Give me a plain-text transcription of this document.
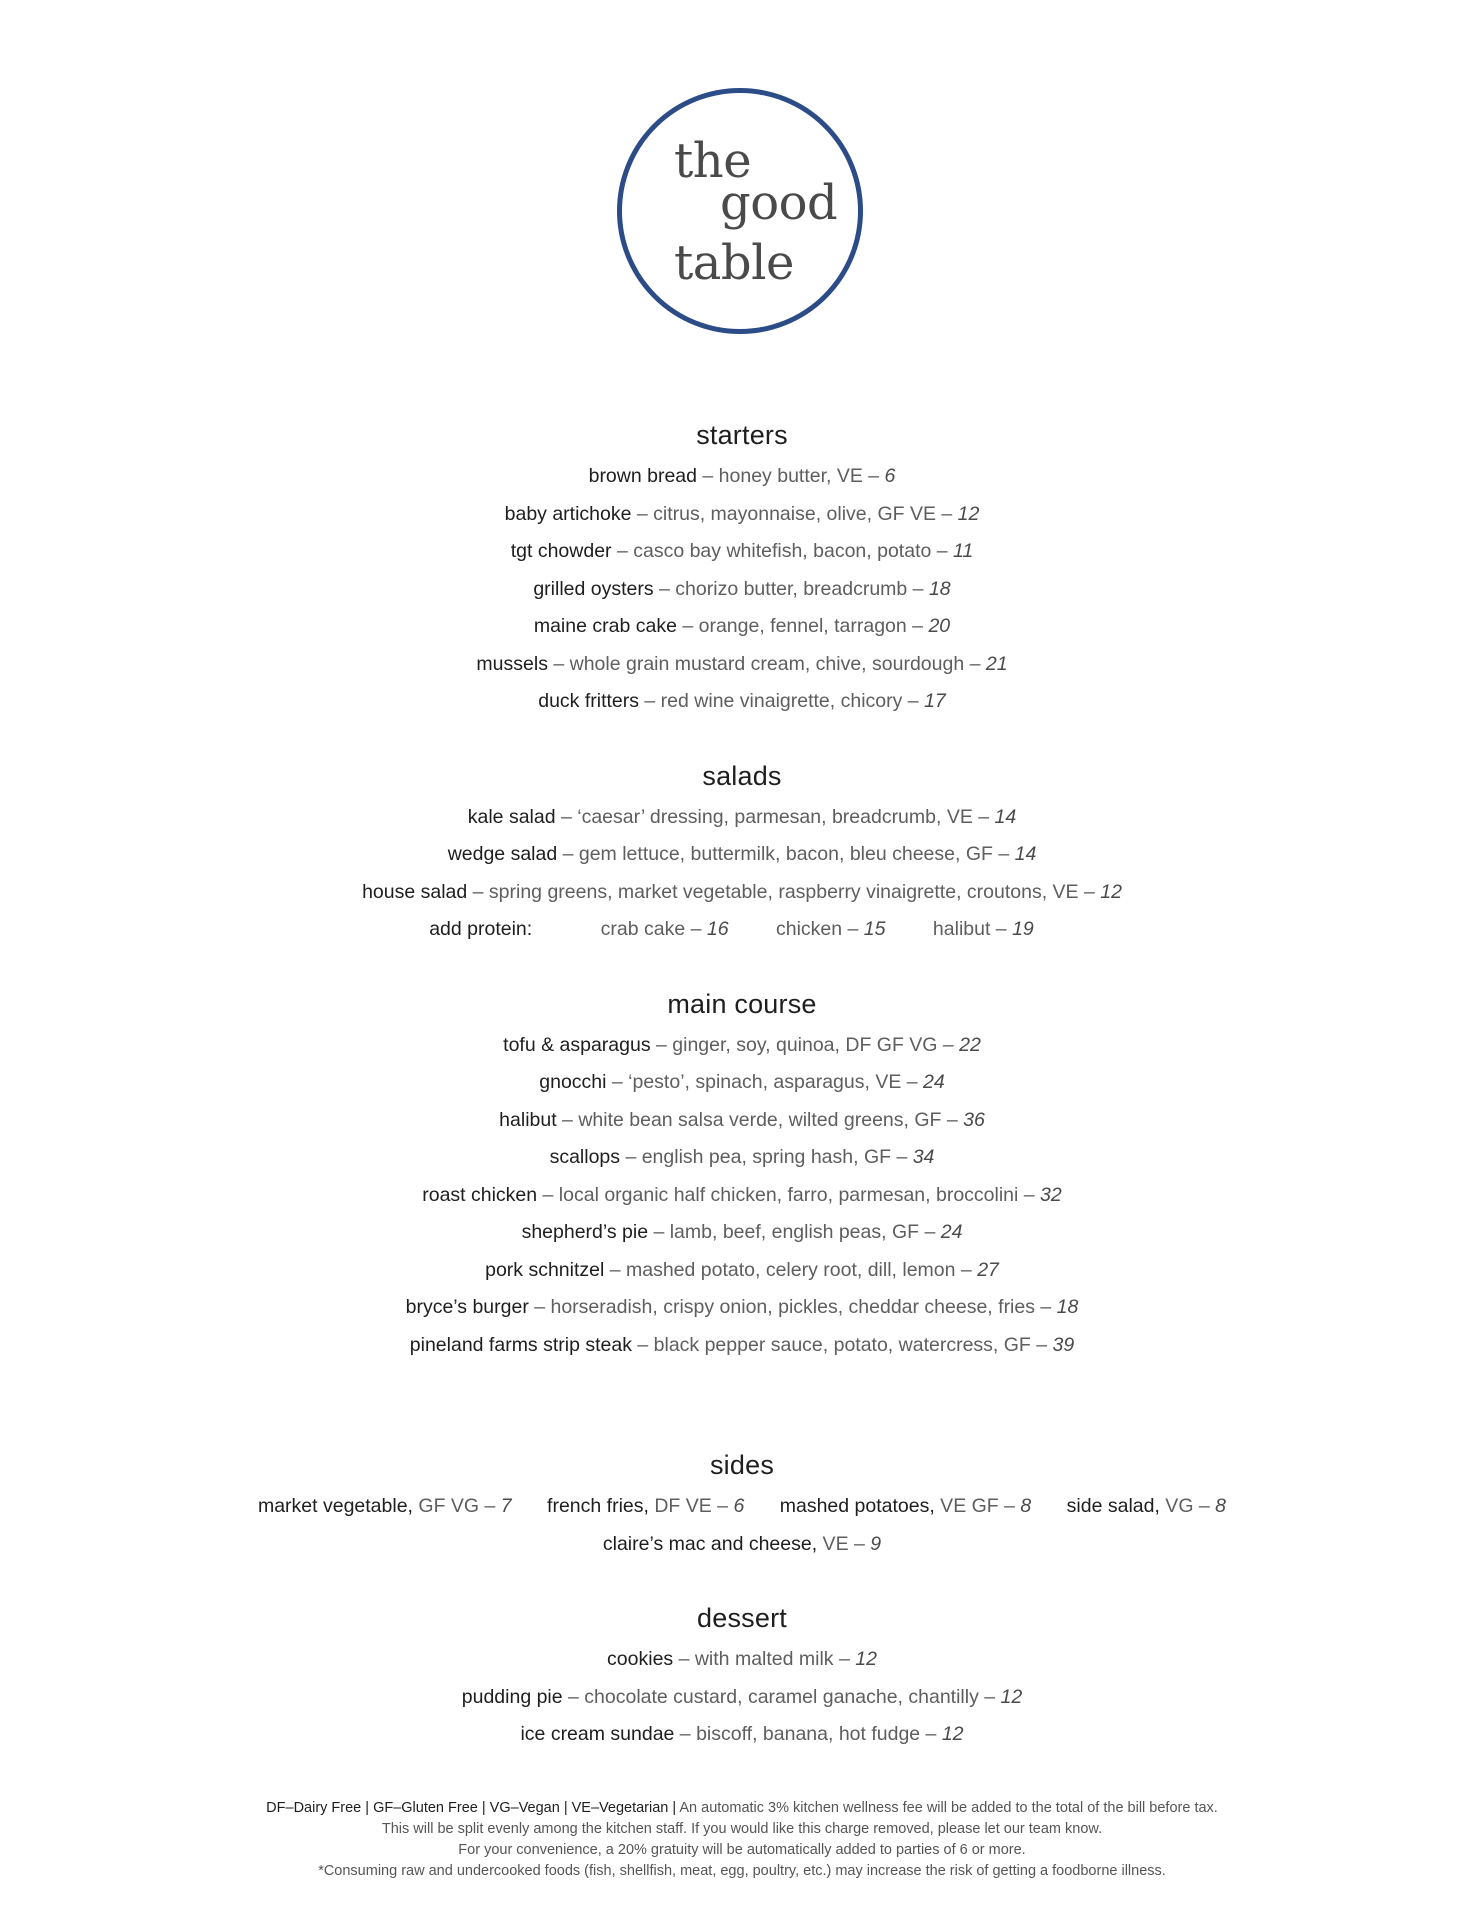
the
good
table
starters
brown bread – honey butter, VE – 6
baby artichoke – citrus, mayonnaise, olive, GF VE – 12
tgt chowder – casco bay whitefish, bacon, potato – 11
grilled oysters – chorizo butter, breadcrumb – 18
maine crab cake – orange, fennel, tarragon – 20
mussels – whole grain mustard cream, chive, sourdough – 21
duck fritters – red wine vinaigrette, chicory – 17
salads
kale salad – ‘caesar’ dressing, parmesan, breadcrumb, VE – 14
wedge salad – gem lettuce, buttermilk, bacon, bleu cheese, GF – 14
house salad – spring greens, market vegetable, raspberry vinaigrette, croutons, VE – 12
add protein:	crab cake – 16 chicken – 15 halibut – 19
main course
tofu & asparagus – ginger, soy, quinoa, DF GF VG – 22
gnocchi – ‘pesto’, spinach, asparagus, VE – 24
halibut – white bean salsa verde, wilted greens, GF – 36
scallops – english pea, spring hash, GF – 34
roast chicken – local organic half chicken, farro, parmesan, broccolini – 32
shepherd’s pie – lamb, beef, english peas, GF – 24
pork schnitzel – mashed potato, celery root, dill, lemon – 27
bryce’s burger – horseradish, crispy onion, pickles, cheddar cheese, fries – 18
pineland farms strip steak – black pepper sauce, potato, watercress, GF – 39
sides
market vegetable, GF VG – 7 french fries, DF VE – 6 mashed potatoes, VE GF – 8 side salad, VG – 8
claire’s mac and cheese, VE – 9
dessert
cookies – with malted milk – 12
pudding pie – chocolate custard, caramel ganache, chantilly – 12
ice cream sundae – biscoff, banana, hot fudge – 12
DF–Dairy Free | GF–Gluten Free | VG–Vegan | VE–Vegetarian | An automatic 3% kitchen wellness fee will be added to the total of the bill before tax.
This will be split evenly among the kitchen staff. If you would like this charge removed, please let our team know.
For your convenience, a 20% gratuity will be automatically added to parties of 6 or more.
*Consuming raw and undercooked foods (fish, shellfish, meat, egg, poultry, etc.) may increase the risk of getting a foodborne illness.
